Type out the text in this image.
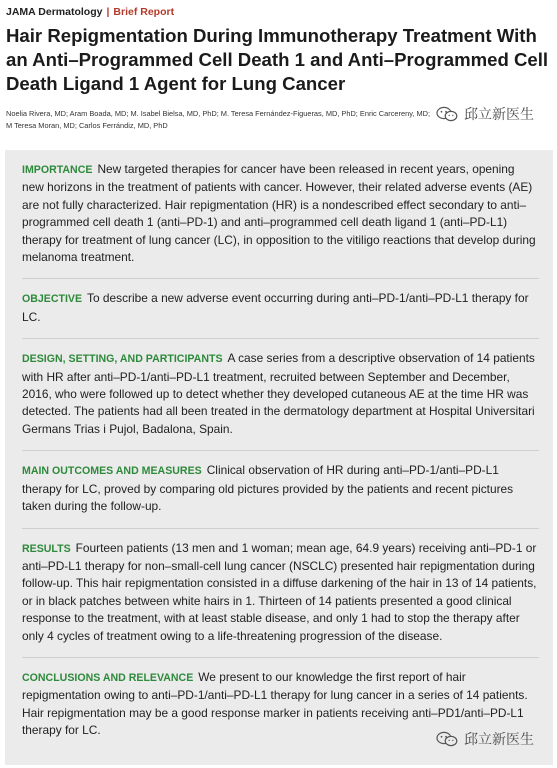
JAMA Dermatology | Brief Report
Hair Repigmentation During Immunotherapy Treatment With an Anti–Programmed Cell Death 1 and Anti–Programmed Cell Death Ligand 1 Agent for Lung Cancer
Noelia Rivera, MD; Aram Boada, MD; M. Isabel Bielsa, MD, PhD; M. Teresa Fernández-Figueras, MD, PhD; Enric Carcereny, MD; M Teresa Moran, MD; Carlos Ferrándiz, MD, PhD
邱立新医生

IMPORTANCE New targeted therapies for cancer have been released in recent years, opening new horizons in the treatment of patients with cancer. However, their related adverse events (AE) are not fully characterized. Hair repigmentation (HR) is a nondescribed effect secondary to anti–programmed cell death 1 (anti–PD-1) and anti–programmed cell death ligand 1 (anti–PD-L1) therapy for treatment of lung cancer (LC), in opposition to the vitiligo reactions that develop during melanoma treatment.

OBJECTIVE To describe a new adverse event occurring during anti–PD-1/anti–PD-L1 therapy for LC.

DESIGN, SETTING, AND PARTICIPANTS A case series from a descriptive observation of 14 patients with HR after anti–PD-1/anti–PD-L1 treatment, recruited between September and December, 2016, who were followed up to detect whether they developed cutaneous AE at the time HR was detected. The patients had all been treated in the dermatology department at Hospital Universitari Germans Trias i Pujol, Badalona, Spain.

MAIN OUTCOMES AND MEASURES Clinical observation of HR during anti–PD-1/anti–PD-L1 therapy for LC, proved by comparing old pictures provided by the patients and recent pictures taken during the follow-up.

RESULTS Fourteen patients (13 men and 1 woman; mean age, 64.9 years) receiving anti–PD-1 or anti–PD-L1 therapy for non–small-cell lung cancer (NSCLC) presented hair repigmentation during follow-up. This hair repigmentation consisted in a diffuse darkening of the hair in 13 of 14 patients, or in black patches between white hairs in 1. Thirteen of 14 patients presented a good clinical response to the treatment, with at least stable disease, and only 1 had to stop the therapy after only 4 cycles of treatment owing to a life-threatening progression of the disease.

CONCLUSIONS AND RELEVANCE We present to our knowledge the first report of hair repigmentation owing to anti–PD-1/anti–PD-L1 therapy for lung cancer in a series of 14 patients. Hair repigmentation may be a good response marker in patients receiving anti–PD1/anti–PD-L1 therapy for LC.

邱立新医生
